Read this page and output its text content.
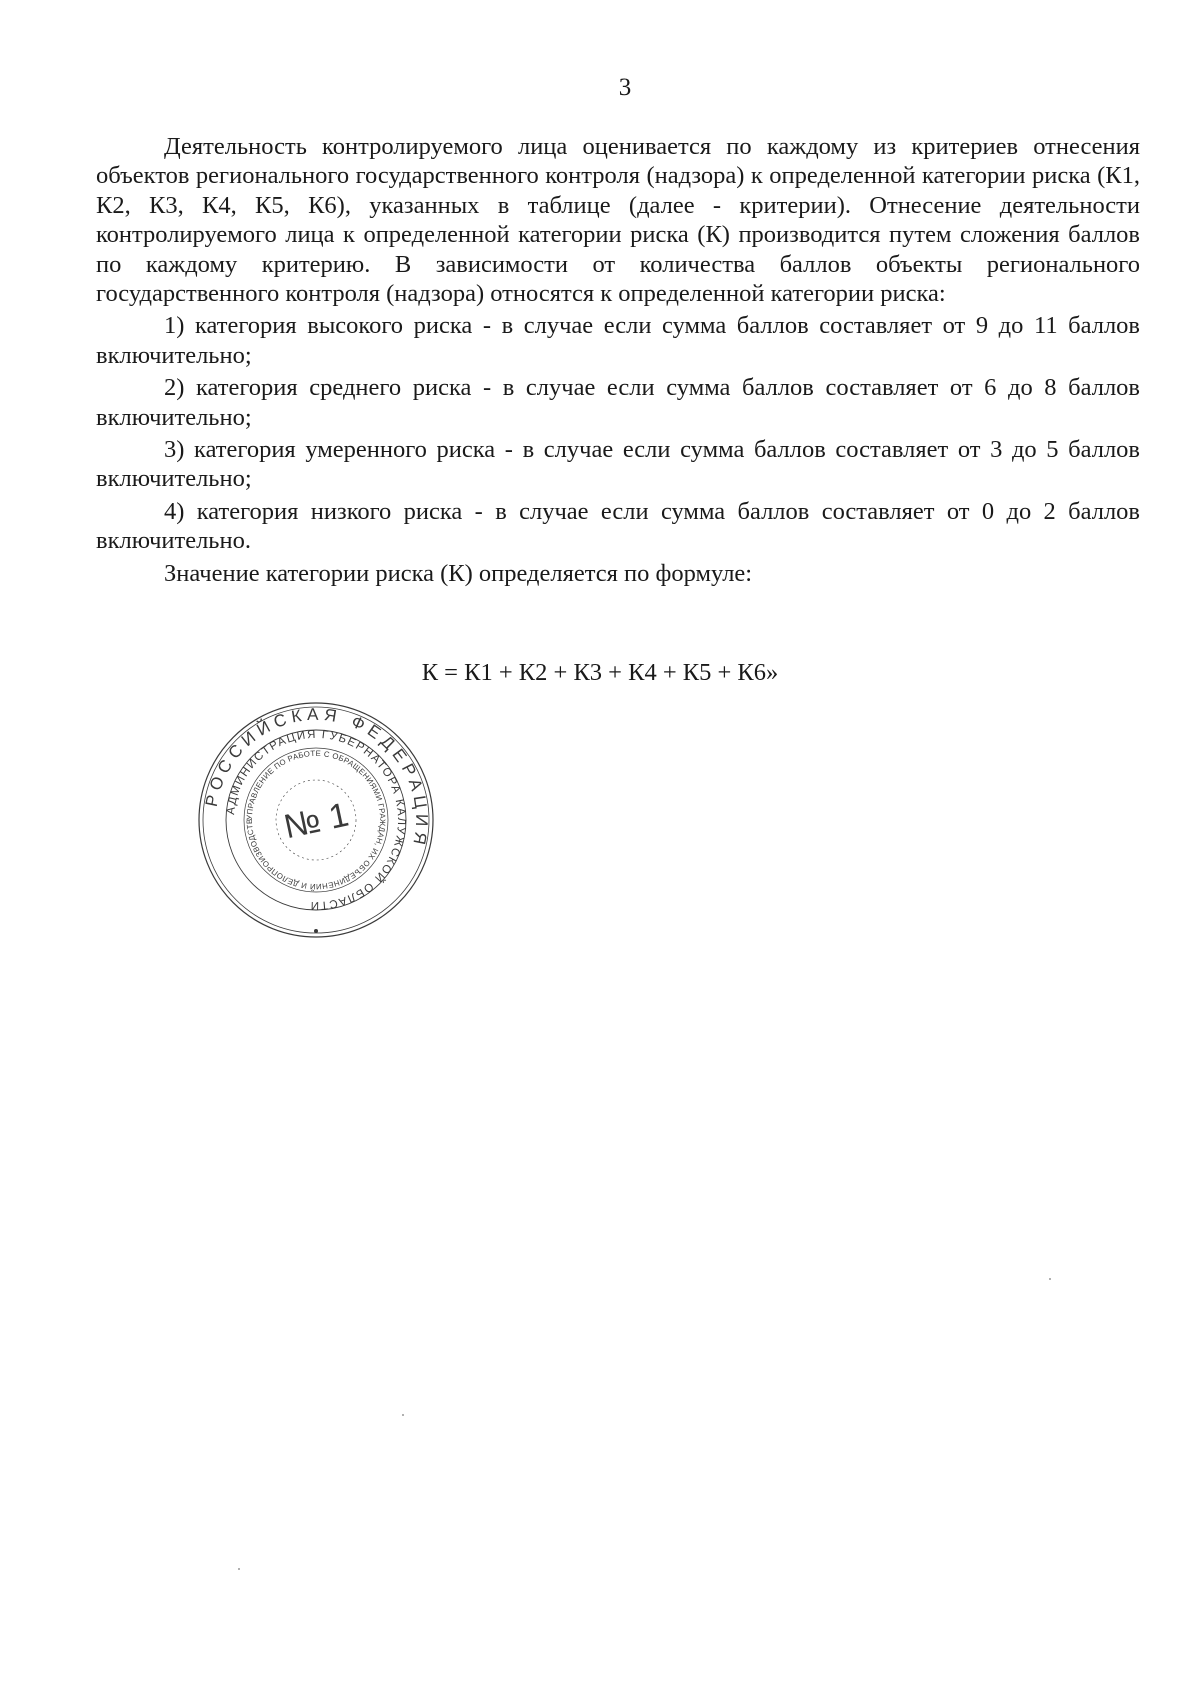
3

Деятельность контролируемого лица оценивается по каждому из критериев отнесения объектов регионального государственного контроля (надзора) к определенной категории риска (К1, К2, К3, К4, К5, К6), указанных в таблице (далее - критерии). Отнесение деятельности контролируемого лица к определенной категории риска (К) производится путем сложения баллов по каждому критерию. В зависимости от количества баллов объекты регионального государственного контроля (надзора) относятся к определенной категории риска:

1) категория высокого риска - в случае если сумма баллов составляет от 9 до 11 баллов включительно;

2) категория среднего риска - в случае если сумма баллов составляет от 6 до 8 баллов включительно;

3) категория умеренного риска - в случае если сумма баллов составляет от 3 до 5 баллов включительно;

4) категория низкого риска - в случае если сумма баллов составляет от 0 до 2 баллов включительно.

Значение категории риска (К) определяется по формуле:

К = К1 + К2 + К3 + К4 + К5 + К6»
РОССИЙСКАЯ ФЕДЕРАЦИЯ
АДМИНИСТРАЦИЯ ГУБЕРНАТОРА КАЛУЖСКОЙ ОБЛАСТИ
УПРАВЛЕНИЕ ПО РАБОТЕ С ОБРАЩЕНИЯМИ ГРАЖДАН, ИХ ОБЪЕДИНЕНИЙ И ДЕЛОПРОИЗВОДСТВ № 1
